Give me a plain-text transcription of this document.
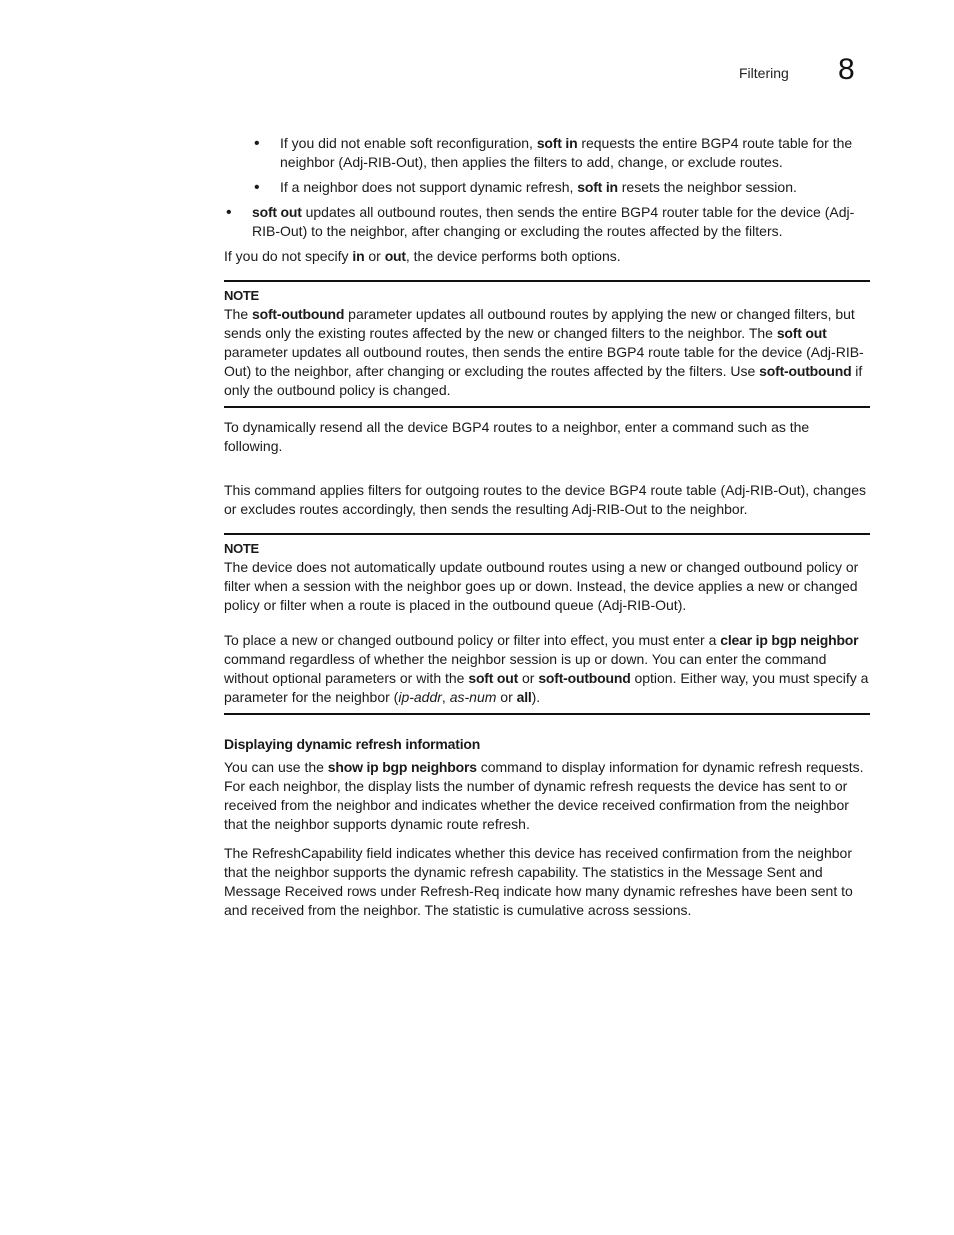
Filtering 8
• If you did not enable soft reconfiguration, soft in requests the entire BGP4 route table for the neighbor (Adj-RIB-Out), then applies the filters to add, change, or exclude routes.
• If a neighbor does not support dynamic refresh, soft in resets the neighbor session.
• soft out updates all outbound routes, then sends the entire BGP4 router table for the device (Adj-RIB-Out) to the neighbor, after changing or excluding the routes affected by the filters.

If you do not specify in or out, the device performs both options.

NOTE

The soft-outbound parameter updates all outbound routes by applying the new or changed filters, but sends only the existing routes affected by the new or changed filters to the neighbor. The soft out parameter updates all outbound routes, then sends the entire BGP4 route table for the device (Adj-RIB-Out) to the neighbor, after changing or excluding the routes affected by the filters. Use soft-outbound if only the outbound policy is changed.

To dynamically resend all the device BGP4 routes to a neighbor, enter a command such as the following.

This command applies filters for outgoing routes to the device BGP4 route table (Adj-RIB-Out), changes or excludes routes accordingly, then sends the resulting Adj-RIB-Out to the neighbor.

NOTE

The device does not automatically update outbound routes using a new or changed outbound policy or filter when a session with the neighbor goes up or down. Instead, the device applies a new or changed policy or filter when a route is placed in the outbound queue (Adj-RIB-Out).

To place a new or changed outbound policy or filter into effect, you must enter a clear ip bgp neighbor command regardless of whether the neighbor session is up or down. You can enter the command without optional parameters or with the soft out or soft-outbound option. Either way, you must specify a parameter for the neighbor (ip-addr, as-num or all).

Displaying dynamic refresh information

You can use the show ip bgp neighbors command to display information for dynamic refresh requests. For each neighbor, the display lists the number of dynamic refresh requests the device has sent to or received from the neighbor and indicates whether the device received confirmation from the neighbor that the neighbor supports dynamic route refresh.

The RefreshCapability field indicates whether this device has received confirmation from the neighbor that the neighbor supports the dynamic refresh capability. The statistics in the Message Sent and Message Received rows under Refresh-Req indicate how many dynamic refreshes have been sent to and received from the neighbor. The statistic is cumulative across sessions.
